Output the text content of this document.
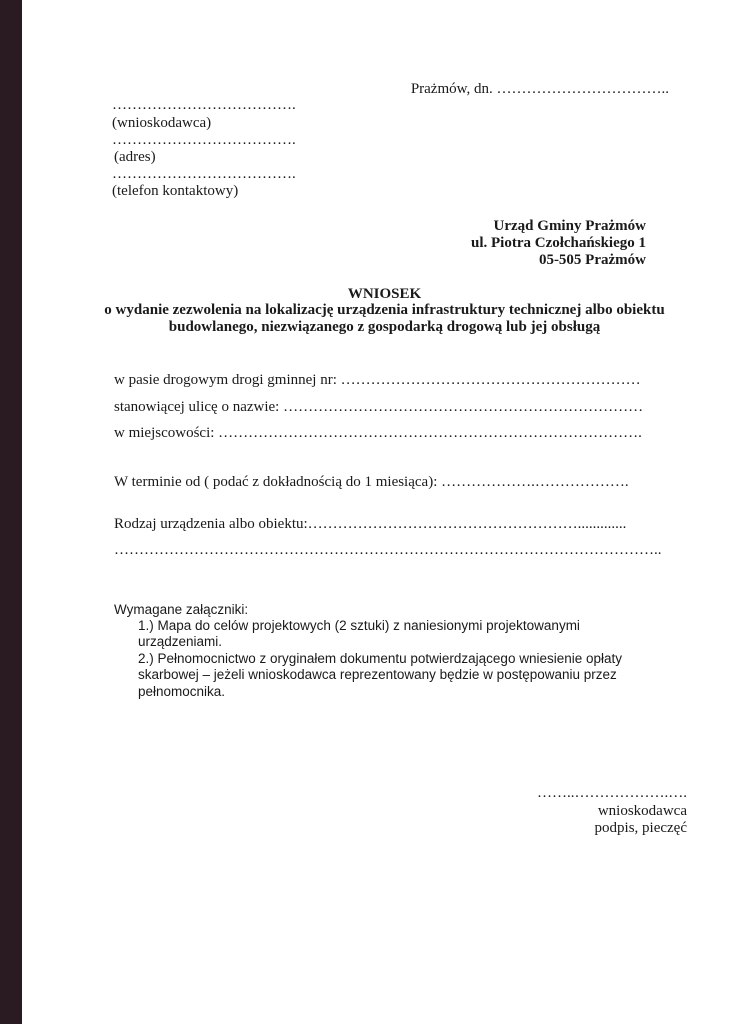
Prażmów, dn. ……………………………..
……………………………….
(wnioskodawca)
……………………………….
(adres)
……………………………….
(telefon kontaktowy)
Urząd Gminy Prażmów
ul. Piotra Czołchańskiego 1
05-505 Prażmów
WNIOSEK
o wydanie zezwolenia na lokalizację urządzenia infrastruktury technicznej albo obiektu
budowlanego, niezwiązanego z gospodarką drogową lub jej obsługą
w pasie drogowym drogi gminnej nr: ……………………………………………………
stanowiącej ulicę o nazwie: ………………………………………………………………
w miejscowości: ………………………………………………………………………….
W terminie od ( podać z dokładnością do 1 miesiąca): ……………….……………….
Rodzaj urządzenia albo obiektu:……………………………………………….............
………………………………………………………………………………………………..
Wymagane załączniki:
1.) Mapa do celów projektowych (2 sztuki) z naniesionymi projektowanymi
urządzeniami.
2.) Pełnomocnictwo z oryginałem dokumentu potwierdzającego wniesienie opłaty
skarbowej – jeżeli wnioskodawca reprezentowany będzie w postępowaniu przez
pełnomocnika.
……..……………….….
wnioskodawca
podpis, pieczęć
